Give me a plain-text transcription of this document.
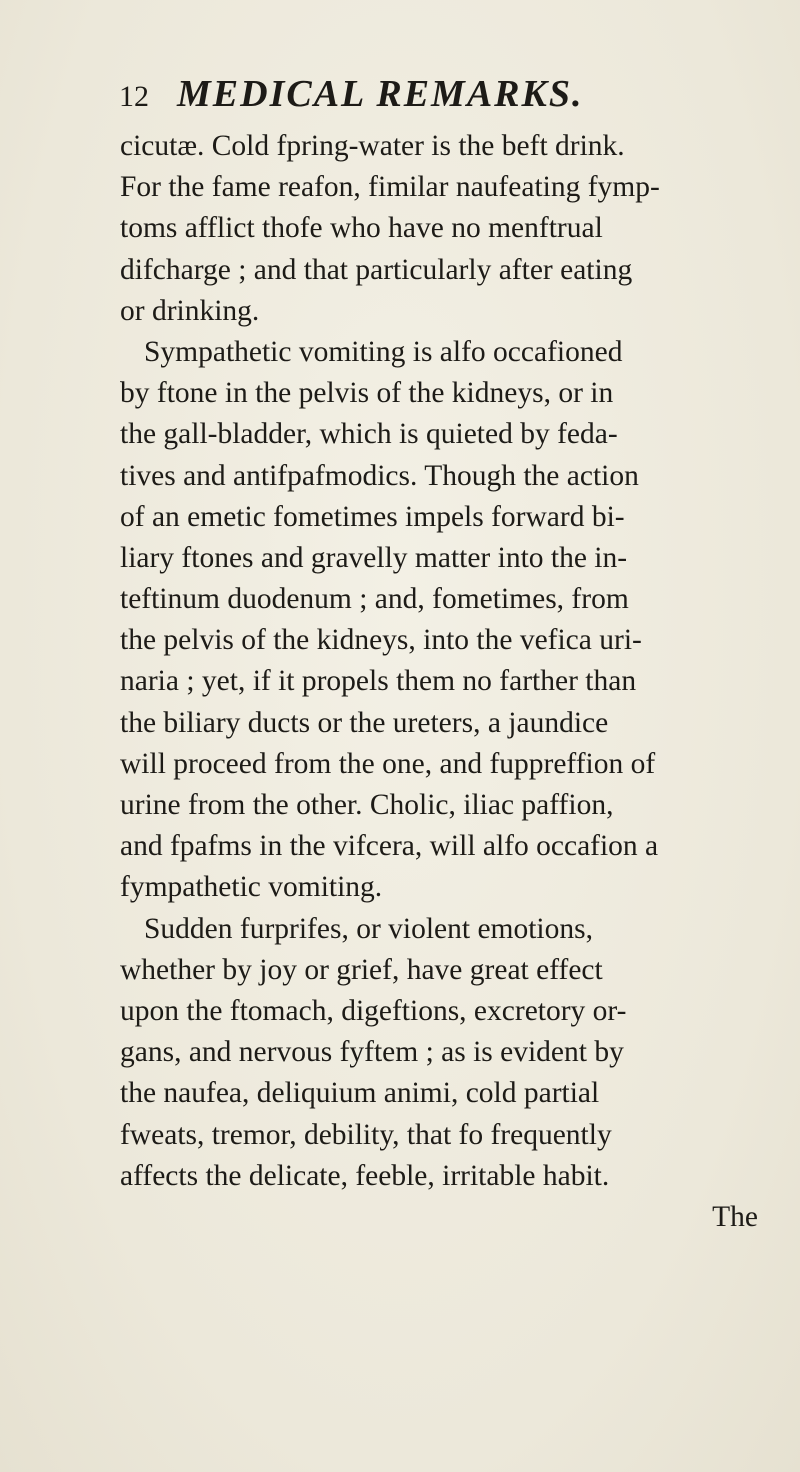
12 MEDICAL REMARKS.
cicutæ. Cold fpring-water is the beft drink.
For the fame reafon, fimilar naufeating fymp-
toms afflict thofe who have no menftrual
difcharge ; and that particularly after eating
or drinking.
Sympathetic vomiting is alfo occafioned
by ftone in the pelvis of the kidneys, or in
the gall-bladder, which is quieted by feda-
tives and antifpafmodics. Though the action
of an emetic fometimes impels forward bi-
liary ftones and gravelly matter into the in-
teftinum duodenum ; and, fometimes, from
the pelvis of the kidneys, into the vefica uri-
naria ; yet, if it propels them no farther than
the biliary ducts or the ureters, a jaundice
will proceed from the one, and fuppreffion of
urine from the other. Cholic, iliac paffion,
and fpafms in the vifcera, will alfo occafion a
fympathetic vomiting.
Sudden furprifes, or violent emotions,
whether by joy or grief, have great effect
upon the ftomach, digeftions, excretory or-
gans, and nervous fyftem ; as is evident by
the naufea, deliquium animi, cold partial
fweats, tremor, debility, that fo frequently
affects the delicate, feeble, irritable habit.
The
